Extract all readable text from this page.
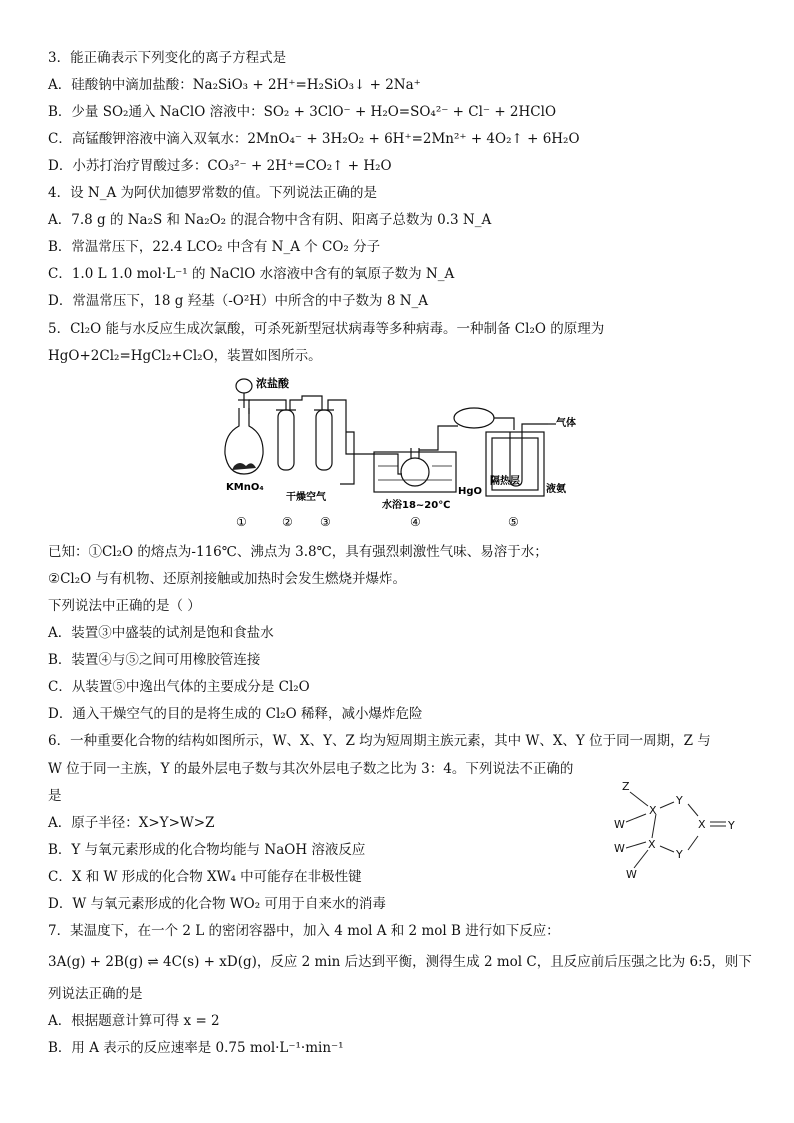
3．能正确表示下列变化的离子方程式是
A．硅酸钠中滴加盐酸：Na₂SiO₃ + 2H⁺=H₂SiO₃↓ + 2Na⁺
B．少量 SO₂通入 NaClO 溶液中：SO₂ + 3ClO⁻ + H₂O=SO₄²⁻ + Cl⁻ + 2HClO
C．高锰酸钾溶液中滴入双氧水：2MnO₄⁻ + 3H₂O₂ + 6H⁺=2Mn²⁺ + 4O₂↑ + 6H₂O
D．小苏打治疗胃酸过多：CO₃²⁻ + 2H⁺=CO₂↑ + H₂O
4．设 N_A 为阿伏加德罗常数的值。下列说法正确的是
A．7.8 g 的 Na₂S 和 Na₂O₂ 的混合物中含有阴、阳离子总数为 0.3 N_A
B．常温常压下，22.4 LCO₂ 中含有 N_A 个 CO₂ 分子
C．1.0 L 1.0 mol·L⁻¹ 的 NaClO 水溶液中含有的氧原子数为 N_A
D．常温常压下，18 g 羟基（-O²H）中所含的中子数为 8 N_A
5．Cl₂O 能与水反应生成次氯酸，可杀死新型冠状病毒等多种病毒。一种制备 Cl₂O 的原理为
HgO+2Cl₂=HgCl₂+Cl₂O，装置如图所示。
浓盐酸
KMnO₄
干燥空气
HgO
水浴18~20℃
气体
隔热层
液氨
①	② ③	④	⑤
已知：①Cl₂O 的熔点为-116℃、沸点为 3.8℃，具有强烈刺激性气味、易溶于水；
②Cl₂O 与有机物、还原剂接触或加热时会发生燃烧并爆炸。
下列说法中正确的是（ ）
A．装置③中盛装的试剂是饱和食盐水
B．装置④与⑤之间可用橡胶管连接
C．从装置⑤中逸出气体的主要成分是 Cl₂O
D．通入干燥空气的目的是将生成的 Cl₂O 稀释，减小爆炸危险
6．一种重要化合物的结构如图所示，W、X、Y、Z 均为短周期主族元素，其中 W、X、Y 位于同一周期，Z 与
W 位于同一主族，Y 的最外层电子数与其次外层电子数之比为 3：4。下列说法不正确的
是
A．原子半径：X>Y>W>Z
B．Y 与氧元素形成的化合物均能与 NaOH 溶液反应
C．X 和 W 形成的化合物 XW₄ 中可能存在非极性键
D．W 与氧元素形成的化合物 WO₂ 可用于自来水的消毒
Z
X
Y
X Y
W
X
Y
W
W
7．某温度下，在一个 2 L 的密闭容器中，加入 4 mol A 和 2 mol B 进行如下反应：
3A(g) + 2B(g) ⇌ 4C(s) + xD(g)，反应 2 min 后达到平衡，测得生成 2 mol C，且反应前后压强之比为 6:5，则下
列说法正确的是
A．根据题意计算可得 x = 2
B．用 A 表示的反应速率是 0.75 mol·L⁻¹·min⁻¹
